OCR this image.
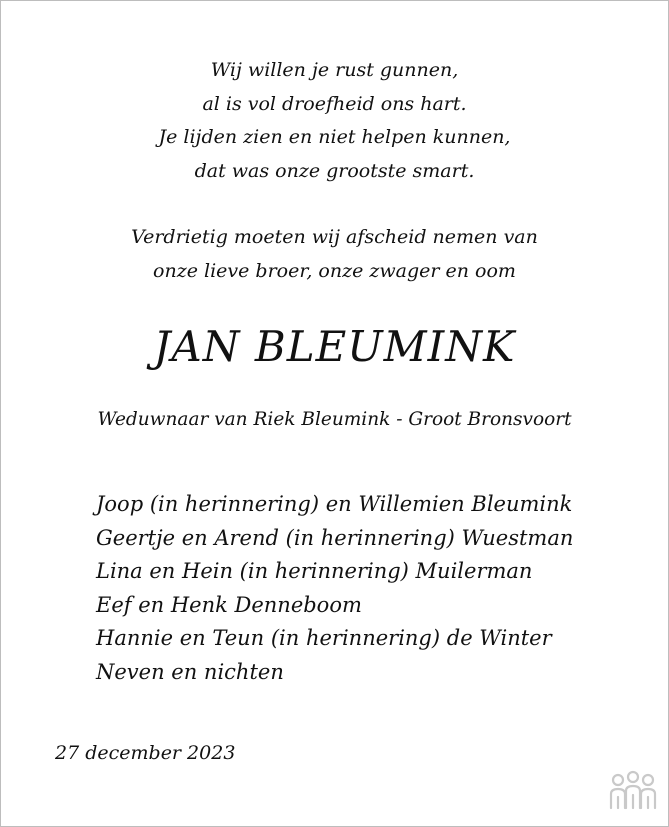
Wij willen je rust gunnen,
al is vol droefheid ons hart.
Je lijden zien en niet helpen kunnen,
dat was onze grootste smart.
Verdrietig moeten wij afscheid nemen van
onze lieve broer, onze zwager en oom
JAN BLEUMINK
Weduwnaar van Riek Bleumink - Groot Bronsvoort
Joop (in herinnering) en Willemien Bleumink
Geertje en Arend (in herinnering) Wuestman
Lina en Hein (in herinnering) Muilerman
Eef en Henk Denneboom
Hannie en Teun (in herinnering) de Winter
Neven en nichten
27 december 2023
